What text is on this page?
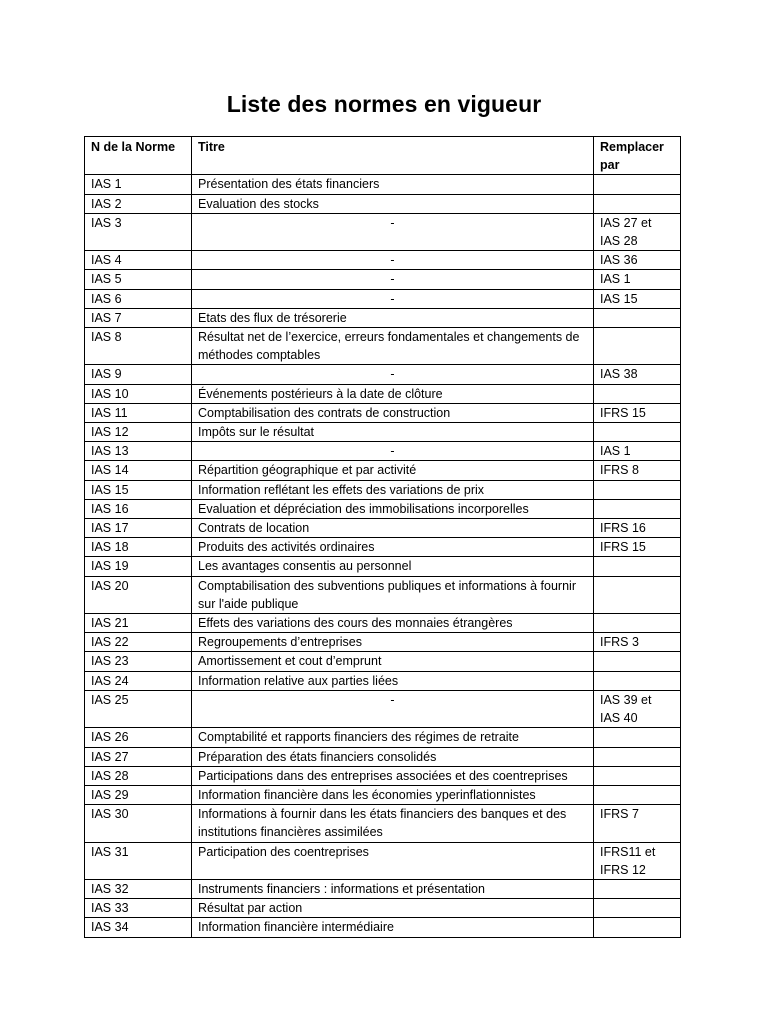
Liste des normes en vigueur
N de la Norme	Titre	Remplacer par
IAS 1	Présentation des états financiers	
IAS 2	Evaluation des stocks	
IAS 3	-	IAS 27 et IAS 28
IAS 4	-	IAS 36
IAS 5	-	IAS 1
IAS 6	-	IAS 15
IAS 7	Etats des flux de trésorerie	
IAS 8	Résultat net de l’exercice, erreurs fondamentales et changements de méthodes comptables	
IAS 9	-	IAS 38
IAS 10	Événements postérieurs à la date de clôture	
IAS 11	Comptabilisation des contrats de construction	IFRS 15
IAS 12	Impôts sur le résultat	
IAS 13	-	IAS 1
IAS 14	Répartition géographique et par activité	IFRS 8
IAS 15	Information reflétant les effets des variations de prix	
IAS 16	Evaluation et dépréciation des immobilisations incorporelles	
IAS 17	Contrats de location	IFRS 16
IAS 18	Produits des activités ordinaires	IFRS 15
IAS 19	Les avantages consentis au personnel	
IAS 20	Comptabilisation des subventions publiques et informations à fournir sur l'aide publique	
IAS 21	Effets des variations des cours des monnaies étrangères	
IAS 22	Regroupements d’entreprises	IFRS 3
IAS 23	Amortissement et cout d’emprunt	
IAS 24	Information relative aux parties liées	
IAS 25	-	IAS 39 et IAS 40
IAS 26	Comptabilité et rapports financiers des régimes de retraite	
IAS 27	Préparation des états financiers consolidés	
IAS 28	Participations dans des entreprises associées et des coentreprises	
IAS 29	Information financière dans les économies yperinflationnistes	
IAS 30	Informations à fournir dans les états financiers des banques et des institutions financières assimilées	IFRS 7
IAS 31	Participation des coentreprises	IFRS11 et IFRS 12
IAS 32	Instruments financiers : informations et présentation	
IAS 33	Résultat par action	
IAS 34	Information financière intermédiaire	
